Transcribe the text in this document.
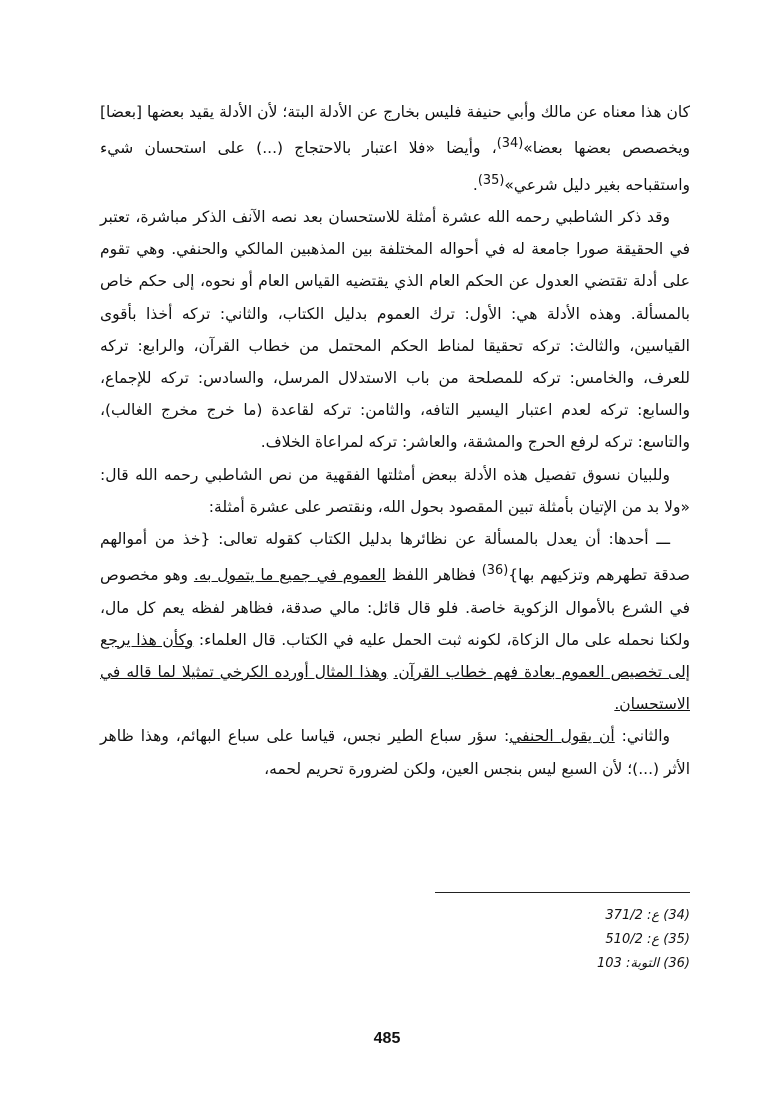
كان هذا معناه عن مالك وأبي حنيفة فليس بخارج عن الأدلة البتة؛ لأن الأدلة يقيد بعضها [بعضا] ويخصصص بعضها بعضا»$^{(34)}$، وأيضا «فلا اعتبار بالاحتجاج (...) على استحسان شيء واستقباحه بغير دليل شرعي»$^{(35)}$.

وقد ذكر الشاطبي رحمه الله عشرة أمثلة للاستحسان بعد نصه الآنف الذكر مباشرة، تعتبر في الحقيقة صورا جامعة له في أحواله المختلفة بين المذهبين المالكي والحنفي. وهي تقوم على أدلة تقتضي العدول عن الحكم العام الذي يقتضيه القياس العام أو نحوه، إلى حكم خاص بالمسألة. وهذه الأدلة هي: الأول: ترك العموم بدليل الكتاب، والثاني: تركه أخذا بأقوى القياسين، والثالث: تركه تحقيقا لمناط الحكم المحتمل من خطاب القرآن، والرابع: تركه للعرف، والخامس: تركه للمصلحة من باب الاستدلال المرسل، والسادس: تركه للإجماع، والسابع: تركه لعدم اعتبار اليسير التافه، والثامن: تركه لقاعدة (ما خرج مخرج الغالب)، والتاسع: تركه لرفع الحرج والمشقة، والعاشر: تركه لمراعاة الخلاف.

وللبيان نسوق تفصيل هذه الأدلة ببعض أمثلتها الفقهية من نص الشاطبي رحمه الله قال: «ولا بد من الإتيان بأمثلة تبين المقصود بحول الله، ونقتصر على عشرة أمثلة:

ـــ أحدها: أن يعدل بالمسألة عن نظائرها بدليل الكتاب كقوله تعالى: {خذ من أموالهم صدقة تطهرهم وتزكيهم بها}$^{(36)}$ فظاهر اللفظ العموم في جميع ما يتمول به. وهو مخصوص في الشرع بالأموال الزكوية خاصة. فلو قال قائل: مالي صدقة، فظاهر لفظه يعم كل مال، ولكنا نحمله على مال الزكاة، لكونه ثبت الحمل عليه في الكتاب. قال العلماء: وكأن هذا يرجع إلى تخصيص العموم بعادة فهم خطاب القرآن. وهذا المثال أورده الكرخي تمثيلا لما قاله في الاستحسان.

والثاني: أن يقول الحنفي: سؤر سباع الطير نجس، قياسا على سباع البهائم، وهذا ظاهر الأثر (...)؛ لأن السبع ليس بنجس العين، ولكن لضرورة تحريم لحمه،

(34) ع: 371/2
(35) ع: 510/2
(36) التوبة: 103
485
